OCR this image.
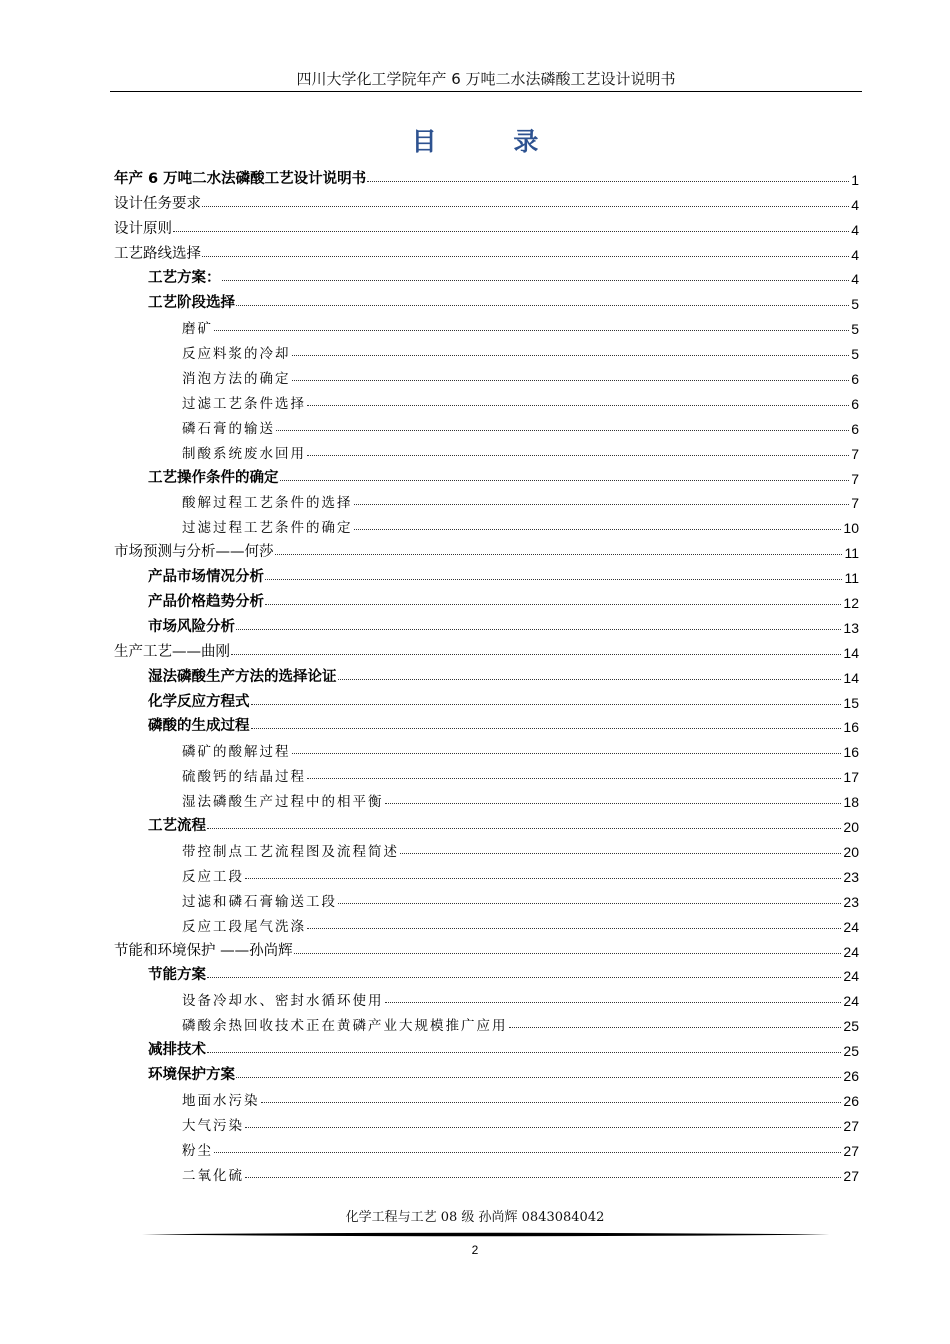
四川大学化工学院年产 6 万吨二水法磷酸工艺设计说明书
目 录
年产 6 万吨二水法磷酸工艺设计说明书	1
设计任务要求	4
设计原则	4
工艺路线选择	4
工艺方案：	4
工艺阶段选择	5
磨矿	5
反应料浆的冷却	5
消泡方法的确定	6
过滤工艺条件选择	6
磷石膏的输送	6
制酸系统废水回用	7
工艺操作条件的确定	7
酸解过程工艺条件的选择	7
过滤过程工艺条件的确定	10
市场预测与分析——何莎	11
产品市场情况分析	11
产品价格趋势分析	12
市场风险分析	13
生产工艺——曲刚	14
湿法磷酸生产方法的选择论证	14
化学反应方程式	15
磷酸的生成过程	16
磷矿的酸解过程	16
硫酸钙的结晶过程	17
湿法磷酸生产过程中的相平衡	18
工艺流程	20
带控制点工艺流程图及流程简述	20
反应工段	23
过滤和磷石膏输送工段	23
反应工段尾气洗涤	24
节能和环境保护 ——孙尚辉	24
节能方案	24
设备冷却水、密封水循环使用	24
磷酸余热回收技术正在黄磷产业大规模推广应用	25
减排技术	25
环境保护方案	26
地面水污染	26
大气污染	27
粉尘	27
二氧化硫	27
化学工程与工艺 08 级 孙尚辉 0843084042
2
